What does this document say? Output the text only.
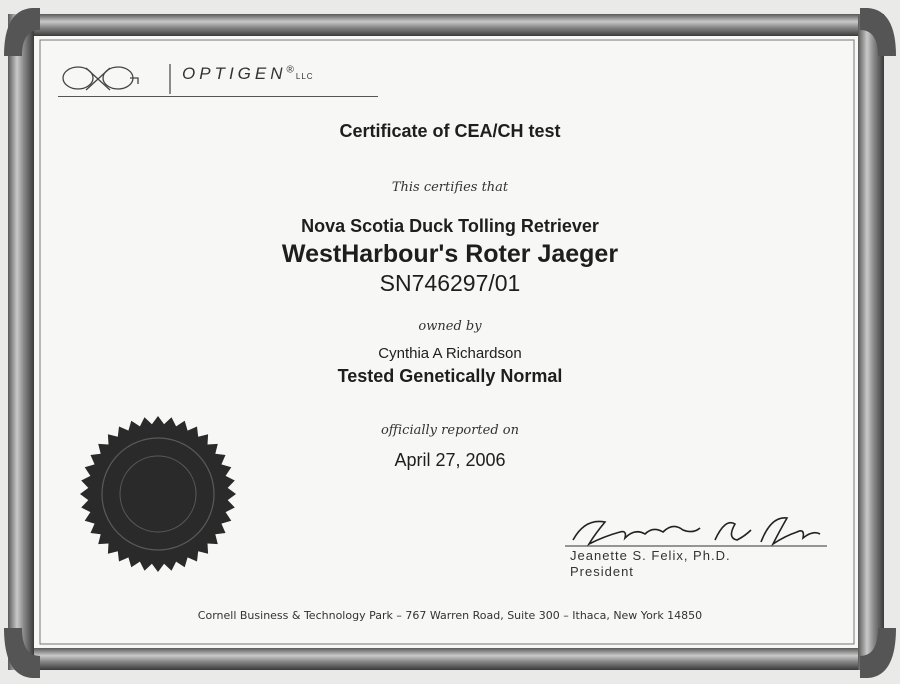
OPTIGEN®LLC
Certificate of CEA/CH test
This certifies that
Nova Scotia Duck Tolling Retriever
WestHarbour's Roter Jaeger
SN746297/01
owned by
Cynthia A Richardson
Tested Genetically Normal
officially reported on
April 27, 2006
Jeanette S. Felix, Ph.D.
President
Cornell Business & Technology Park – 767 Warren Road, Suite 300 – Ithaca, New York 14850
